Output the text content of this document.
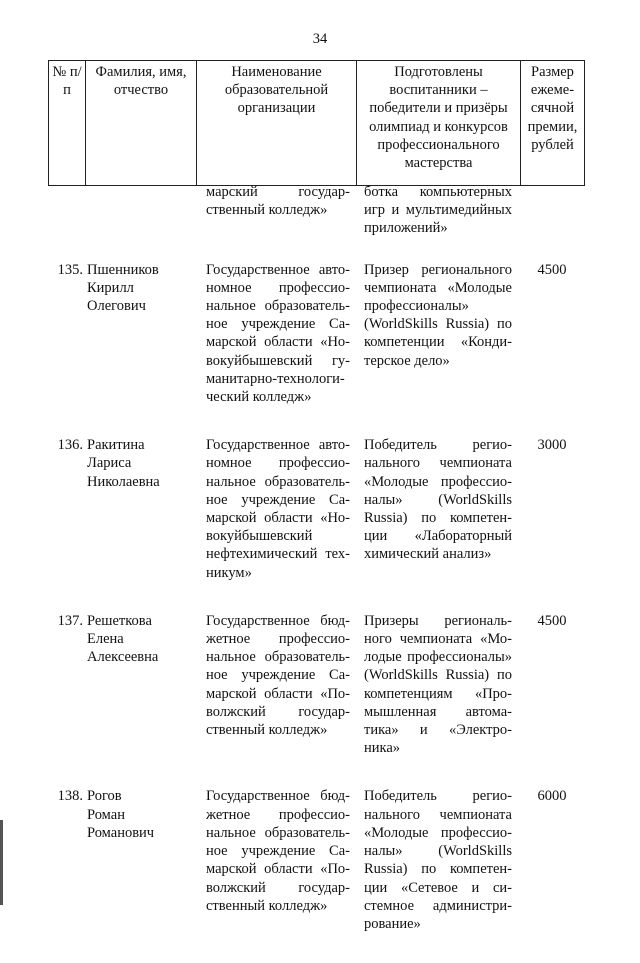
34
№ п/п	Фамилия, имя, отчество	Наименование образовательной организации	Подготовлены воспитанники – победители и призёры олимпиад и конкурсов профессионального мастерства	Размер ежеме-сячной премии, рублей
		марский государ-ственный колледж»	ботка компьютерных игр и мультимедийных приложений»	
135.	Пшенников
Кирилл
Олегович	Государственное авто-номное профессио-нальное образователь-ное учреждение Са-марской области «Но-вокуйбышевский гу-манитарно-технологи-ческий колледж»	Призер регионального чемпионата «Молодые профессионалы» (WorldSkills Russia) по компетенции «Конди-терское дело»	4500
136.	Ракитина
Лариса
Николаевна	Государственное авто-номное профессио-нальное образователь-ное учреждение Са-марской области «Но-вокуйбышевский нефтехимический тех-никум»	Победитель регио-нального чемпионата «Молодые профессио-налы» (WorldSkills Russia) по компетен-ции «Лабораторный химический анализ»	3000
137.	Решеткова
Елена
Алексеевна	Государственное бюд-жетное профессио-нальное образователь-ное учреждение Са-марской области «По-волжский государ-ственный колледж»	Призеры региональ-ного чемпионата «Мо-лодые профессионалы» (WorldSkills Russia) по компетенциям «Про-мышленная автома-тика» и «Электро-ника»	4500
138.	Рогов
Роман
Романович	Государственное бюд-жетное профессио-нальное образователь-ное учреждение Са-марской области «По-волжский государ-ственный колледж»	Победитель регио-нального чемпионата «Молодые профессио-налы» (WorldSkills Russia) по компетен-ции «Сетевое и си-стемное администри-рование»	6000
